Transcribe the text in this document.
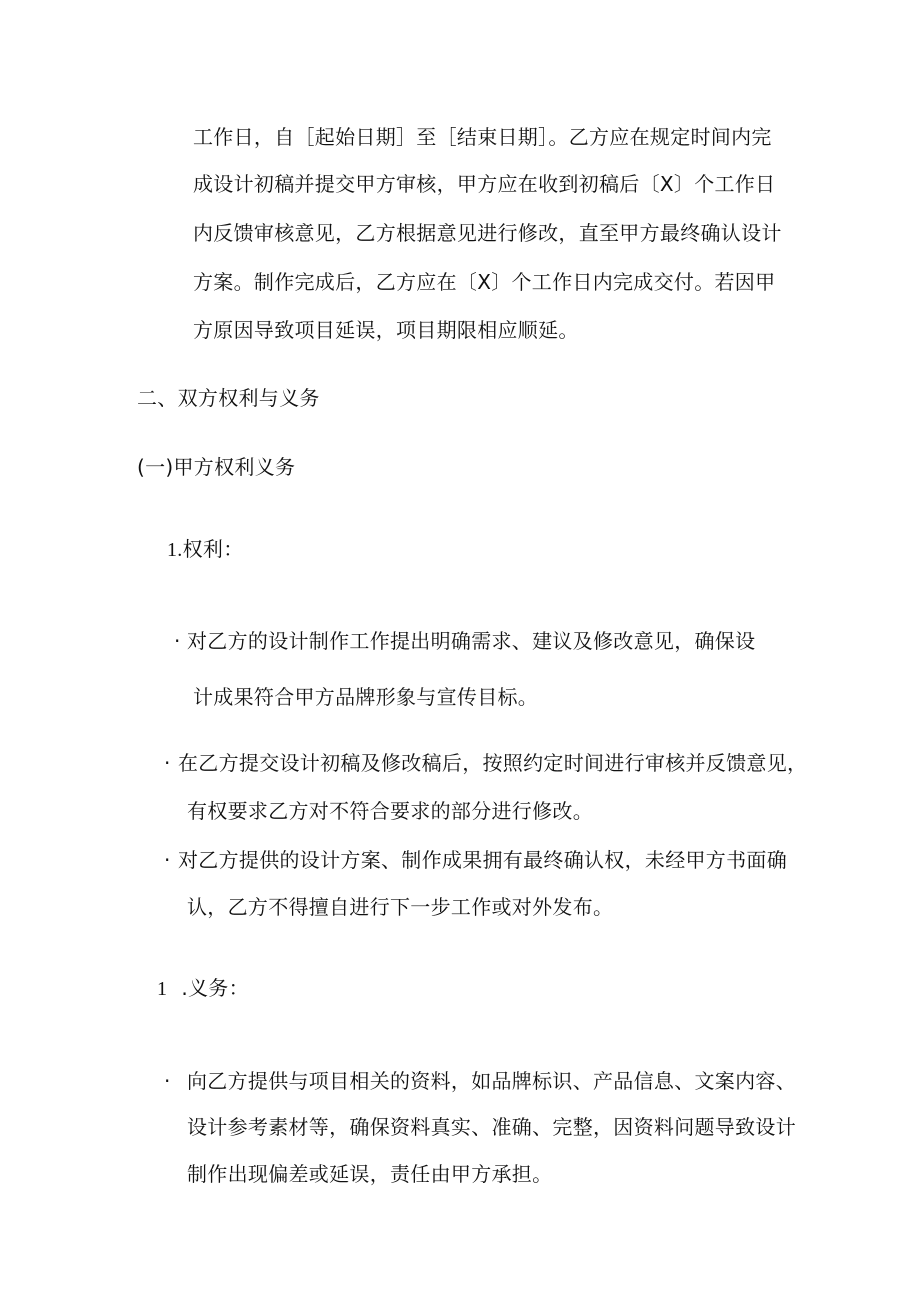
工作日，自［起始日期］至［结束日期］。乙方应在规定时间内完
成设计初稿并提交甲方审核，甲方应在收到初稿后〔X〕个工作日
内反馈审核意见，乙方根据意见进行修改，直至甲方最终确认设计
方案。制作完成后，乙方应在〔X〕个工作日内完成交付。若因甲
方原因导致项目延误，项目期限相应顺延。
二、双方权利与义务
(一)甲方权利义务
1.权利：
· 对乙方的设计制作工作提出明确需求、建议及修改意见，确保设
计成果符合甲方品牌形象与宣传目标。
· 在乙方提交设计初稿及修改稿后，按照约定时间进行审核并反馈意见，
有权要求乙方对不符合要求的部分进行修改。
· 对乙方提供的设计方案、制作成果拥有最终确认权，未经甲方书面确
认，乙方不得擅自进行下一步工作或对外发布。
1 .义务：
· 向乙方提供与项目相关的资料，如品牌标识、产品信息、文案内容、
设计参考素材等，确保资料真实、准确、完整，因资料问题导致设计
制作出现偏差或延误，责任由甲方承担。
